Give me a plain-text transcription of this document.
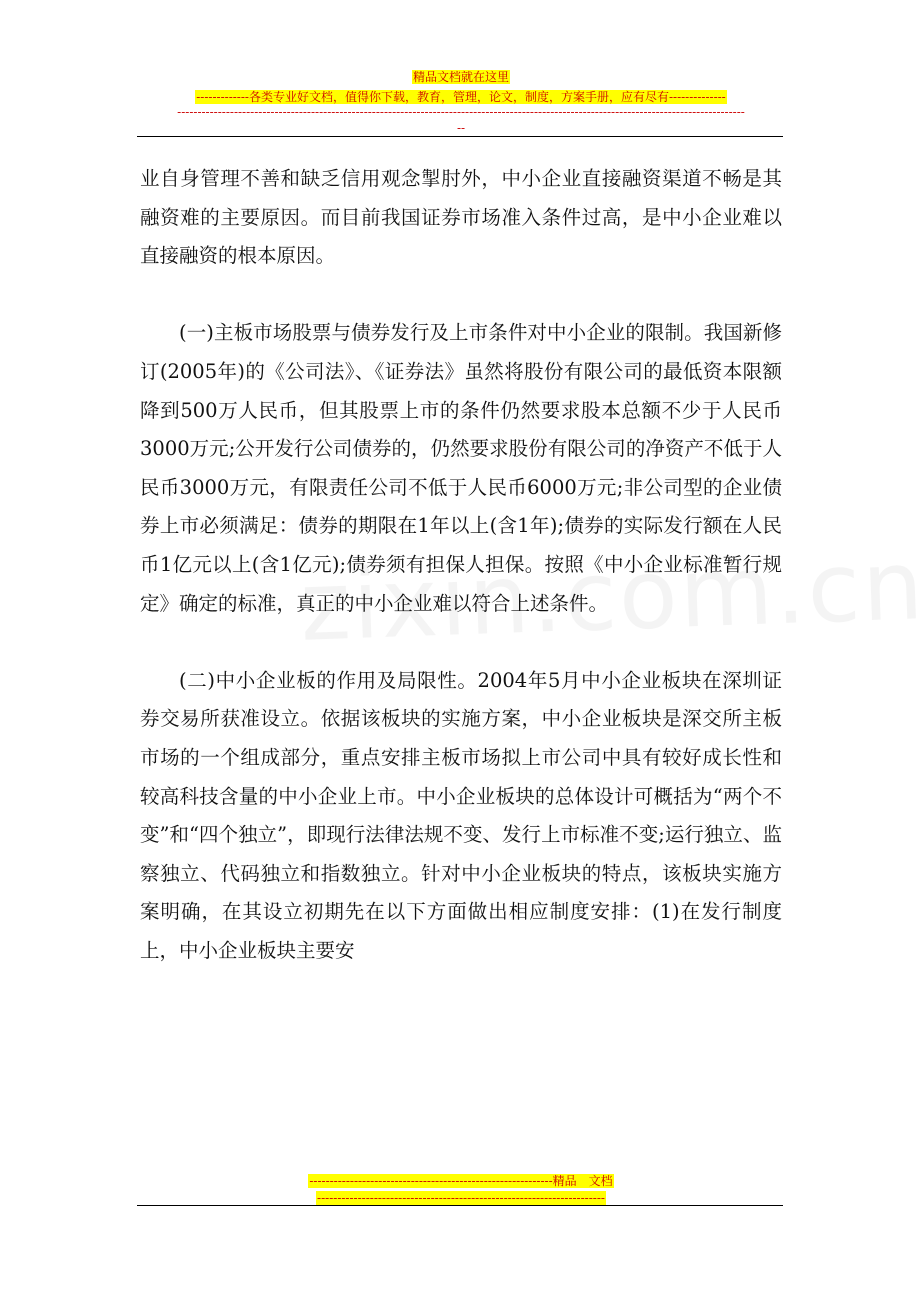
精品文档就在这里
-------------各类专业好文档，值得你下载，教育，管理，论文，制度，方案手册，应有尽有--------------
--------------------------------------------------------------------------------------------------------------------------------------------
--

业自身管理不善和缺乏信用观念掣肘外，中小企业直接融资渠道不畅是其融资难的主要原因。而目前我国证券市场准入条件过高，是中小企业难以直接融资的根本原因。

(一)主板市场股票与债券发行及上市条件对中小企业的限制。我国新修订(2005年)的《公司法》、《证券法》虽然将股份有限公司的最低资本限额降到500万人民币，但其股票上市的条件仍然要求股本总额不少于人民币3000万元;公开发行公司债券的，仍然要求股份有限公司的净资产不低于人民币3000万元，有限责任公司不低于人民币6000万元;非公司型的企业债券上市必须满足：债券的期限在1年以上(含1年);债券的实际发行额在人民币1亿元以上(含1亿元);债券须有担保人担保。按照《中小企业标准暂行规定》确定的标准，真正的中小企业难以符合上述条件。

(二)中小企业板的作用及局限性。2004年5月中小企业板块在深圳证券交易所获准设立。依据该板块的实施方案，中小企业板块是深交所主板市场的一个组成部分，重点安排主板市场拟上市公司中具有较好成长性和较高科技含量的中小企业上市。中小企业板块的总体设计可概括为“两个不变”和“四个独立”，即现行法律法规不变、发行上市标准不变;运行独立、监察独立、代码独立和指数独立。针对中小企业板块的特点，该板块实施方案明确，在其设立初期先在以下方面做出相应制度安排：(1)在发行制度上，中小企业板块主要安

------------------------------------------------------------精品　文档
-----------------------------------------------------------------------
